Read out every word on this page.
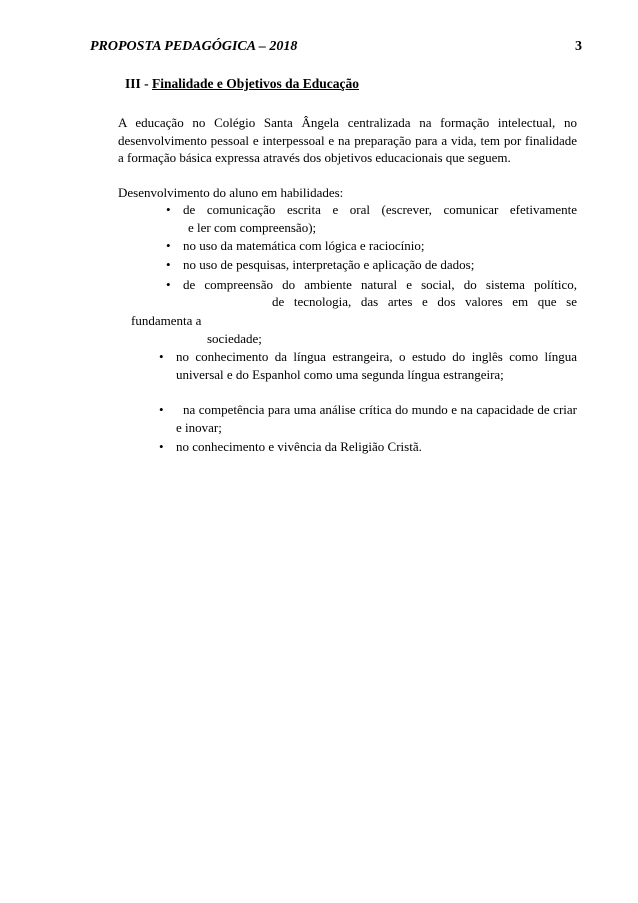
PROPOSTA PEDAGÓGICA – 2018	3
III - Finalidade e Objetivos da Educação

A educação no Colégio Santa Ângela centralizada na formação intelectual, no desenvolvimento pessoal e interpessoal e na preparação para a vida, tem por finalidade a formação básica expressa através dos objetivos educacionais que seguem.

Desenvolvimento do aluno em habilidades:
• de comunicação escrita e oral (escrever, comunicar efetivamente
e ler com compreensão);
• no uso da matemática com lógica e raciocínio;
• no uso de pesquisas, interpretação e aplicação de dados;
• de compreensão do ambiente natural e social, do sistema político,
de tecnologia, das artes e dos valores em que se
fundamenta a
sociedade;
• no conhecimento da língua estrangeira, o estudo do inglês como língua universal e do Espanhol como uma segunda língua estrangeira;
• na competência para uma análise crítica do mundo e na capacidade de criar e inovar;
• no conhecimento e vivência da Religião Cristã.
